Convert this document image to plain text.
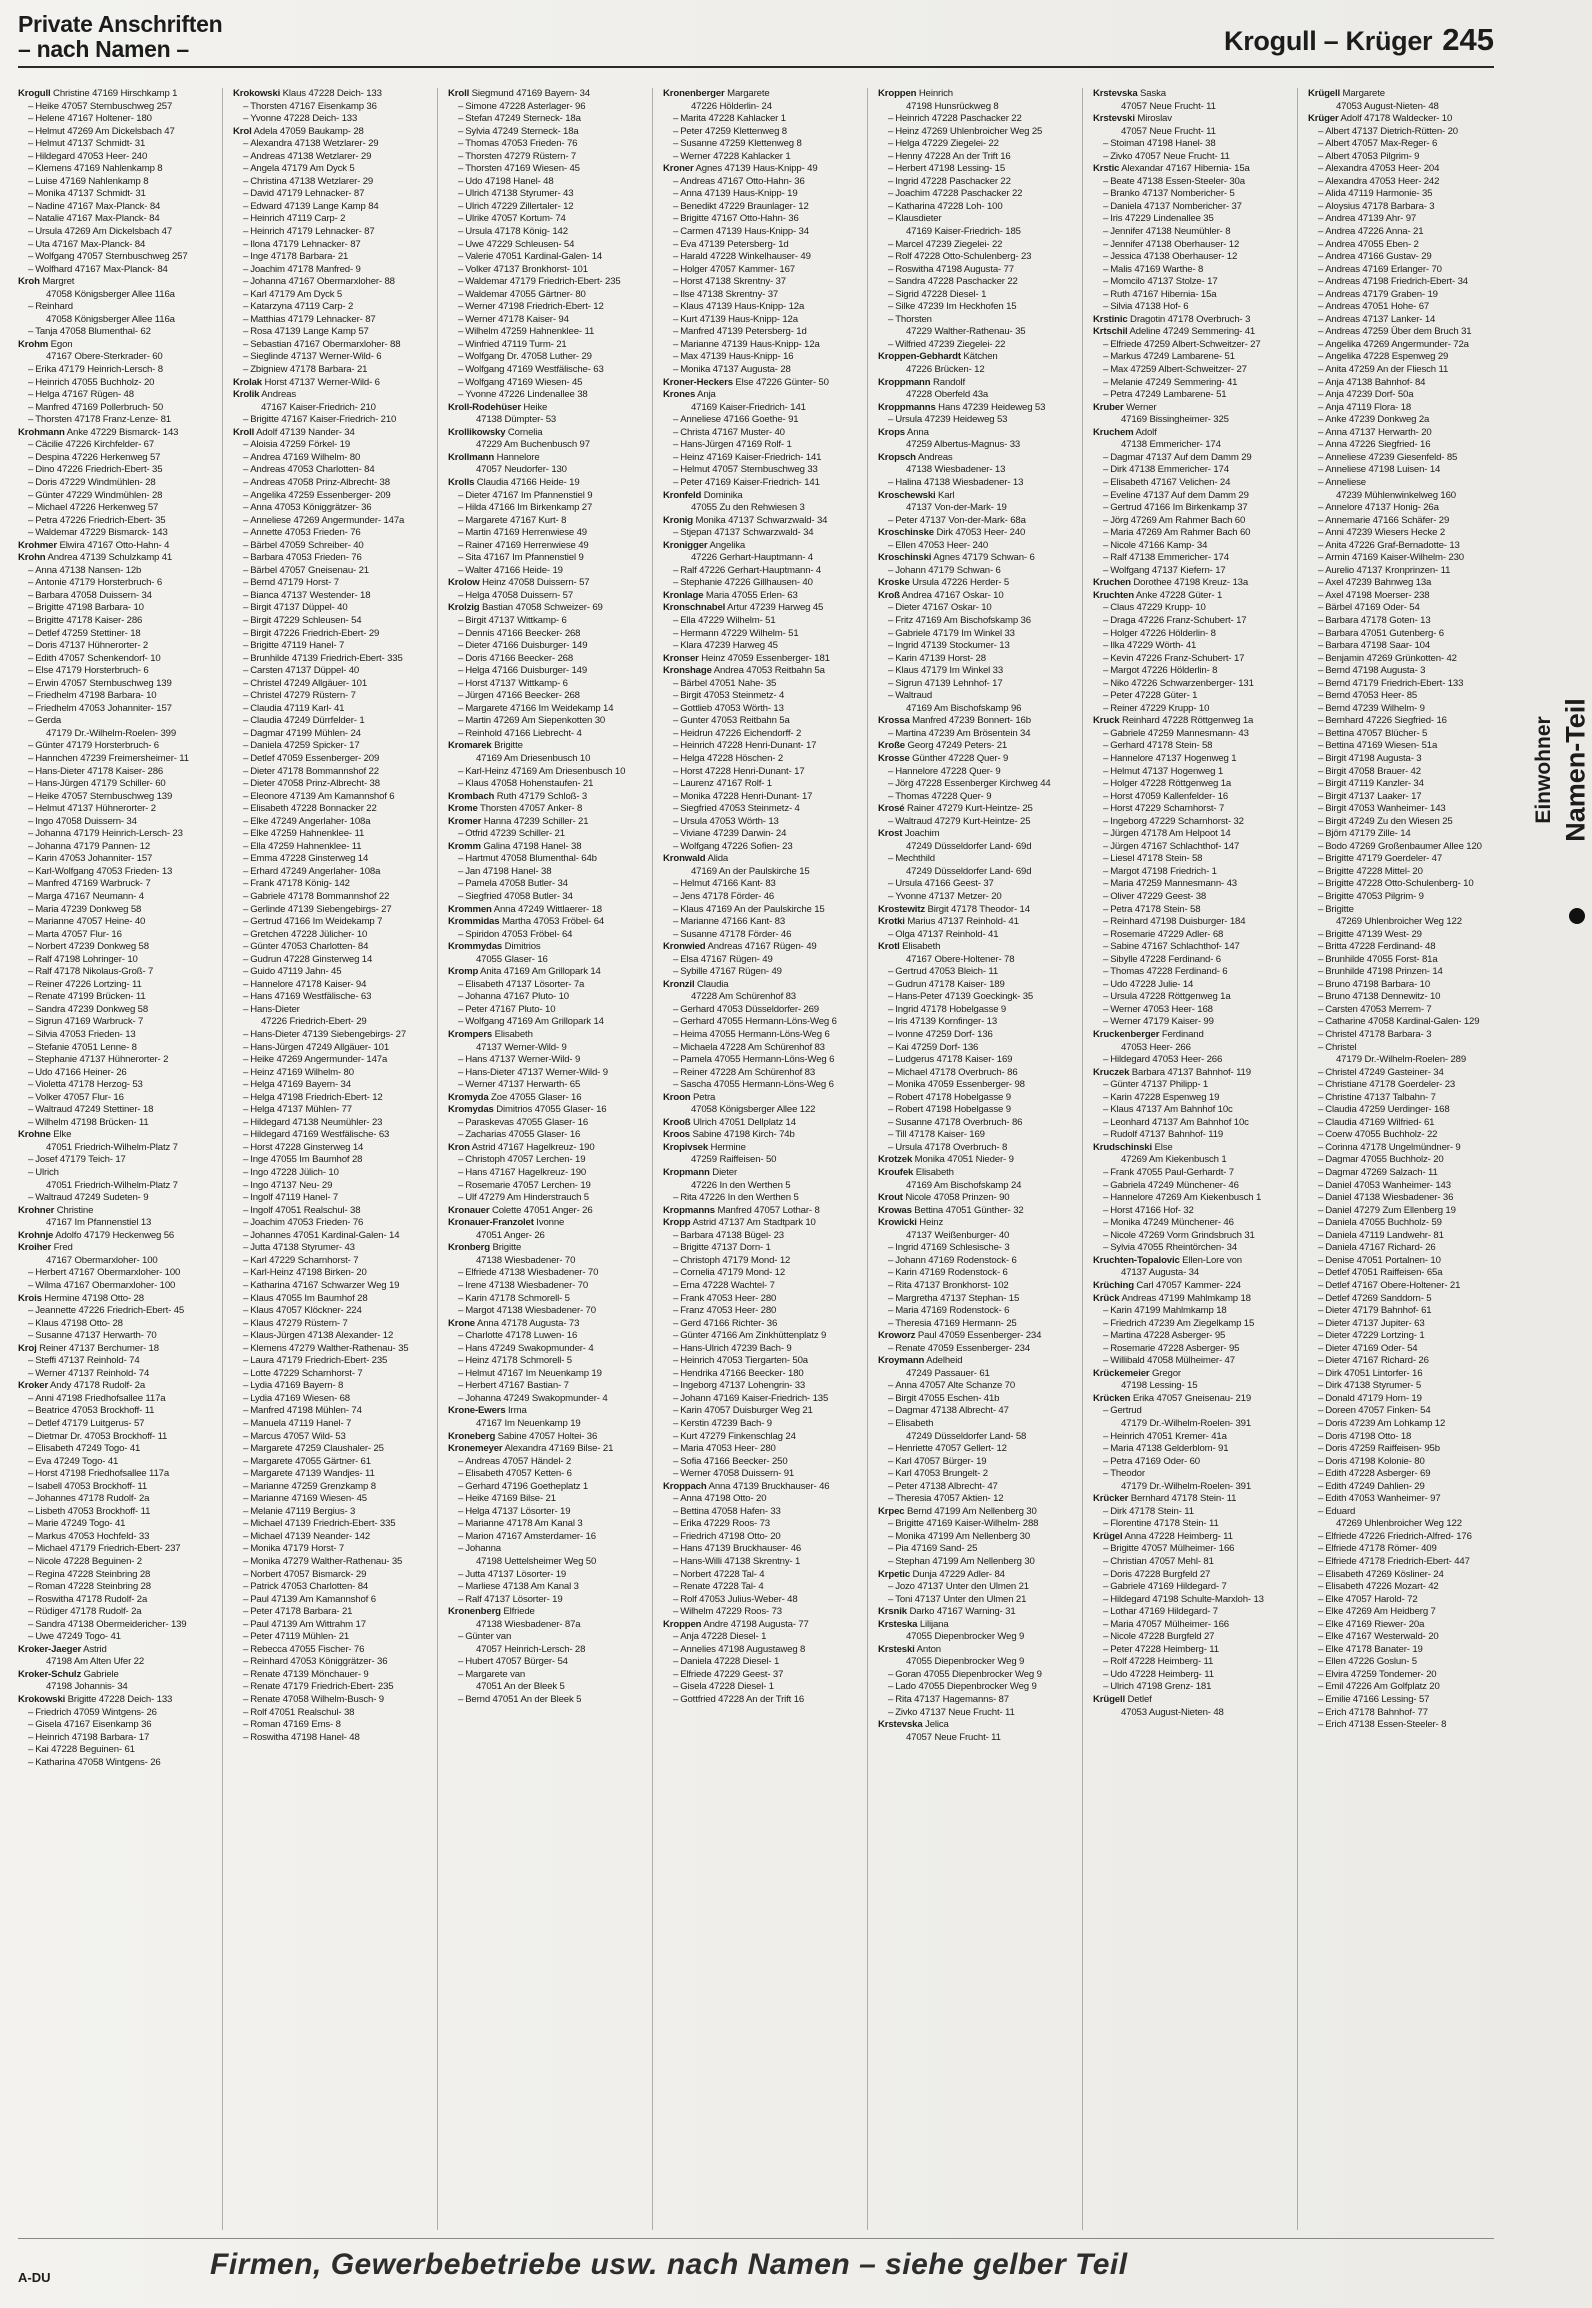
Private Anschriften
– nach Namen –	Krogull – Krüger 245
Krogull Christine 47169 Hirschkamp 1
– Heike 47057 Sternbuschweg 257
– Helene 47167 Holtener- 180
– Helmut 47269 Am Dickelsbach 47
– Helmut 47137 Schmidt- 31
– Hildegard 47053 Heer- 240
– Klemens 47169 Nahlenkamp 8
– Luise 47169 Nahlenkamp 8
– Monika 47137 Schmidt- 31
– Nadine 47167 Max-Planck- 84
– Natalie 47167 Max-Planck- 84
– Ursula 47269 Am Dickelsbach 47
– Uta 47167 Max-Planck- 84
– Wolfgang 47057 Sternbuschweg 257
– Wolfhard 47167 Max-Planck- 84
Kroh Margret
47058 Königsberger Allee 116a
– Reinhard
47058 Königsberger Allee 116a
– Tanja 47058 Blumenthal- 62
Krohm Egon
47167 Obere-Sterkrader- 60
– Erika 47179 Heinrich-Lersch- 8
– Heinrich 47055 Buchholz- 20
– Helga 47167 Rügen- 48
– Manfred 47169 Pollerbruch- 50
– Thorsten 47178 Franz-Lenze- 81
Krohmann Anke 47229 Bismarck- 143
– Cäcilie 47226 Kirchfelder- 67
– Despina 47226 Herkenweg 57
– Dino 47226 Friedrich-Ebert- 35
– Doris 47229 Windmühlen- 28
– Günter 47229 Windmühlen- 28
– Michael 47226 Herkenweg 57
– Petra 47226 Friedrich-Ebert- 35
– Waldemar 47229 Bismarck- 143
Krohmer Elwira 47167 Otto-Hahn- 4
Krohn Andrea 47139 Schulzkamp 41
– Anna 47138 Nansen- 12b
– Antonie 47179 Horsterbruch- 6
– Barbara 47058 Duissern- 34
– Brigitte 47198 Barbara- 10
– Brigitte 47178 Kaiser- 286
– Detlef 47259 Stettiner- 18
– Doris 47137 Hühnerorter- 2
– Edith 47057 Schenkendorf- 10
– Else 47179 Horsterbruch- 6
– Erwin 47057 Sternbuschweg 139
– Friedhelm 47198 Barbara- 10
– Friedhelm 47053 Johanniter- 157
– Gerda
47179 Dr.-Wilhelm-Roelen- 399
– Günter 47179 Horsterbruch- 6
– Hannchen 47239 Freimersheimer- 11
– Hans-Dieter 47178 Kaiser- 286
– Hans-Jürgen 47179 Schiller- 60
– Heike 47057 Sternbuschweg 139
– Helmut 47137 Hühnerorter- 2
– Ingo 47058 Duissern- 34
– Johanna 47179 Heinrich-Lersch- 23
– Johanna 47179 Pannen- 12
– Karin 47053 Johanniter- 157
– Karl-Wolfgang 47053 Frieden- 13
– Manfred 47169 Warbruck- 7
– Marga 47167 Neumann- 4
– Maria 47239 Donkweg 58
– Marianne 47057 Heine- 40
– Marta 47057 Flur- 16
– Norbert 47239 Donkweg 58
– Ralf 47198 Lohringer- 10
– Ralf 47178 Nikolaus-Groß- 7
– Reiner 47226 Lortzing- 11
– Renate 47199 Brücken- 11
– Sandra 47239 Donkweg 58
– Sigrun 47169 Warbruck- 7
– Silvia 47053 Frieden- 13
– Stefanie 47051 Lenne- 8
– Stephanie 47137 Hühnerorter- 2
– Udo 47166 Heiner- 26
– Violetta 47178 Herzog- 53
– Volker 47057 Flur- 16
– Waltraud 47249 Stettiner- 18
– Wilhelm 47198 Brücken- 11
Krohne Elke
47051 Friedrich-Wilhelm-Platz 7
– Josef 47179 Teich- 17
– Ulrich
47051 Friedrich-Wilhelm-Platz 7
– Waltraud 47249 Sudeten- 9
Krohner Christine
47167 Im Pfannenstiel 13
Krohnje Adolfo 47179 Heckenweg 56
Kroiher Fred
47167 Obermarxloher- 100
– Herbert 47167 Obermarxloher- 100
– Wilma 47167 Obermarxloher- 100
Krois Hermine 47198 Otto- 28
– Jeannette 47226 Friedrich-Ebert- 45
– Klaus 47198 Otto- 28
– Susanne 47137 Herwarth- 70
Kroj Reiner 47137 Berchumer- 18
– Steffi 47137 Reinhold- 74
– Werner 47137 Reinhold- 74
Kroker Andy 47178 Rudolf- 2a
– Anni 47198 Friedhofsallee 117a
– Beatrice 47053 Brockhoff- 11
– Detlef 47179 Luitgerus- 57
– Dietmar Dr. 47053 Brockhoff- 11
– Elisabeth 47249 Togo- 41
– Eva 47249 Togo- 41
– Horst 47198 Friedhofsallee 117a
– Isabell 47053 Brockhoff- 11
– Johannes 47178 Rudolf- 2a
– Lisbeth 47053 Brockhoff- 11
– Marie 47249 Togo- 41
– Markus 47053 Hochfeld- 33
– Michael 47179 Friedrich-Ebert- 237
– Nicole 47228 Beguinen- 2
– Regina 47228 Steinbring 28
– Roman 47228 Steinbring 28
– Roswitha 47178 Rudolf- 2a
– Rüdiger 47178 Rudolf- 2a
– Sandra 47138 Obermeidericher- 139
– Uwe 47249 Togo- 41
Kroker-Jaeger Astrid
47198 Am Alten Ufer 22
Kroker-Schulz Gabriele
47198 Johannis- 34
Krokowski Brigitte 47228 Deich- 133
– Friedrich 47059 Wintgens- 26
– Gisela 47167 Eisenkamp 36
– Heinrich 47198 Barbara- 17
– Kai 47228 Beguinen- 61
– Katharina 47058 Wintgens- 26
Krokowski Klaus 47228 Deich- 133
– Thorsten 47167 Eisenkamp 36
– Yvonne 47228 Deich- 133
Krol Adela 47059 Baukamp- 28
– Alexandra 47138 Wetzlarer- 29
– Andreas 47138 Wetzlarer- 29
– Angela 47179 Am Dyck 5
– Christina 47138 Wetzlarer- 29
– David 47179 Lehnacker- 87
– Edward 47139 Lange Kamp 84
– Heinrich 47119 Carp- 2
– Heinrich 47179 Lehnacker- 87
– Ilona 47179 Lehnacker- 87
– Inge 47178 Barbara- 21
– Joachim 47178 Manfred- 9
– Johanna 47167 Obermarxloher- 88
– Karl 47179 Am Dyck 5
– Katarzyna 47119 Carp- 2
– Matthias 47179 Lehnacker- 87
– Rosa 47139 Lange Kamp 57
– Sebastian 47167 Obermarxloher- 88
– Sieglinde 47137 Werner-Wild- 6
– Zbigniew 47178 Barbara- 21
Krolak Horst 47137 Werner-Wild- 6
Krolik Andreas
47167 Kaiser-Friedrich- 210
– Brigitte 47167 Kaiser-Friedrich- 210
Kroll Adolf 47139 Nander- 34
– Aloisia 47259 Förkel- 19
– Andrea 47169 Wilhelm- 80
– Andreas 47053 Charlotten- 84
– Andreas 47058 Prinz-Albrecht- 38
– Angelika 47259 Essenberger- 209
– Anna 47053 Königgrätzer- 36
– Anneliese 47269 Angermunder- 147a
– Annette 47053 Frieden- 76
– Bärbel 47059 Schreiber- 40
– Barbara 47053 Frieden- 76
– Bärbel 47057 Gneisenau- 21
– Bernd 47179 Horst- 7
– Bianca 47137 Westender- 18
– Birgit 47137 Düppel- 40
– Birgit 47229 Schleusen- 54
– Birgit 47226 Friedrich-Ebert- 29
– Brigitte 47119 Hanel- 7
– Brunhilde 47139 Friedrich-Ebert- 335
– Carsten 47137 Düppel- 40
– Christel 47249 Allgäuer- 101
– Christel 47279 Rüstern- 7
– Claudia 47119 Karl- 41
– Claudia 47249 Dürrfelder- 1
– Dagmar 47199 Mühlen- 24
– Daniela 47259 Spicker- 17
– Detlef 47059 Essenberger- 209
– Dieter 47178 Bommannshof 22
– Dieter 47058 Prinz-Albrecht- 38
– Eleonore 47139 Am Kamannshof 6
– Elisabeth 47228 Bonnacker 22
– Elke 47249 Angerlaher- 108a
– Elke 47259 Hahnenklee- 11
– Ella 47259 Hahnenklee- 11
– Emma 47228 Ginsterweg 14
– Erhard 47249 Angerlaher- 108a
– Frank 47178 König- 142
– Gabriele 47178 Bommannshof 22
– Gerlinde 47139 Siebengebirgs- 27
– Gertrud 47166 Im Weidekamp 7
– Gretchen 47228 Jülicher- 10
– Günter 47053 Charlotten- 84
– Gudrun 47228 Ginsterweg 14
– Guido 47119 Jahn- 45
– Hannelore 47178 Kaiser- 94
– Hans 47169 Westfälische- 63
– Hans-Dieter
47226 Friedrich-Ebert- 29
– Hans-Dieter 47139 Siebengebirgs- 27
– Hans-Jürgen 47249 Allgäuer- 101
– Heike 47269 Angermunder- 147a
– Heinz 47169 Wilhelm- 80
– Helga 47169 Bayern- 34
– Helga 47198 Friedrich-Ebert- 12
– Helga 47137 Mühlen- 77
– Hildegard 47138 Neumühler- 23
– Hildegard 47169 Westfälische- 63
– Horst 47228 Ginsterweg 14
– Inge 47055 Im Baumhof 28
– Ingo 47228 Jülich- 10
– Ingo 47137 Neu- 29
– Ingolf 47119 Hanel- 7
– Ingolf 47051 Realschul- 38
– Joachim 47053 Frieden- 76
– Johannes 47051 Kardinal-Galen- 14
– Jutta 47138 Styrumer- 43
– Karl 47229 Scharnhorst- 7
– Karl-Heinz 47198 Birken- 20
– Katharina 47167 Schwarzer Weg 19
– Klaus 47055 Im Baumhof 28
– Klaus 47057 Klöckner- 224
– Klaus 47279 Rüstern- 7
– Klaus-Jürgen 47138 Alexander- 12
– Klemens 47279 Walther-Rathenau- 35
– Laura 47179 Friedrich-Ebert- 235
– Lotte 47229 Scharnhorst- 7
– Lydia 47169 Bayern- 8
– Lydia 47169 Wiesen- 68
– Manfred 47198 Mühlen- 74
– Manuela 47119 Hanel- 7
– Marcus 47057 Wild- 53
– Margarete 47259 Claushaler- 25
– Margarete 47055 Gärtner- 61
– Margarete 47139 Wandjes- 11
– Marianne 47259 Grenzkamp 8
– Marianne 47169 Wiesen- 45
– Melanie 47119 Bergius- 3
– Michael 47139 Friedrich-Ebert- 335
– Michael 47139 Neander- 142
– Monika 47179 Horst- 7
– Monika 47279 Walther-Rathenau- 35
– Norbert 47057 Bismarck- 29
– Patrick 47053 Charlotten- 84
– Paul 47139 Am Kamannshof 6
– Peter 47178 Barbara- 21
– Paul 47139 Am Wittrahm 17
– Peter 47119 Mühlen- 21
– Rebecca 47055 Fischer- 76
– Reinhard 47053 Königgrätzer- 36
– Renate 47139 Mönchauer- 9
– Renate 47179 Friedrich-Ebert- 235
– Renate 47058 Wilhelm-Busch- 9
– Rolf 47051 Realschul- 38
– Roman 47169 Ems- 8
– Roswitha 47198 Hanel- 48
Kroll Siegmund 47169 Bayern- 34
– Simone 47228 Asterlager- 96
– Stefan 47249 Sterneck- 18a
– Sylvia 47249 Sterneck- 18a
– Thomas 47053 Frieden- 76
– Thorsten 47279 Rüstern- 7
– Thorsten 47169 Wiesen- 45
– Udo 47198 Hanel- 48
– Ulrich 47138 Styrumer- 43
– Ulrich 47229 Zillertaler- 12
– Ulrike 47057 Kortum- 74
– Ursula 47178 König- 142
– Uwe 47229 Schleusen- 54
– Valerie 47051 Kardinal-Galen- 14
– Volker 47137 Bronkhorst- 101
– Waldemar 47179 Friedrich-Ebert- 235
– Waldemar 47055 Gärtner- 80
– Werner 47198 Friedrich-Ebert- 12
– Werner 47178 Kaiser- 94
– Wilhelm 47259 Hahnenklee- 11
– Winfried 47119 Turm- 21
– Wolfgang Dr. 47058 Luther- 29
– Wolfgang 47169 Westfälische- 63
– Wolfgang 47169 Wiesen- 45
– Yvonne 47226 Lindenallee 38
Kroll-Rodehüser Heike
47138 Dümpter- 53
Krollikowsky Cornelia
47229 Am Buchenbusch 97
Krollmann Hannelore
47057 Neudorfer- 130
Krolls Claudia 47166 Heide- 19
– Dieter 47167 Im Pfannenstiel 9
– Hilda 47166 Im Birkenkamp 27
– Margarete 47167 Kurt- 8
– Martin 47169 Herrenwiese 49
– Rainer 47169 Herrenwiese 49
– Sita 47167 Im Pfannenstiel 9
– Walter 47166 Heide- 19
Krolow Heinz 47058 Duissern- 57
– Helga 47058 Duissern- 57
Krolzig Bastian 47058 Schweizer- 69
– Birgit 47137 Wittkamp- 6
– Dennis 47166 Beecker- 268
– Dieter 47166 Duisburger- 149
– Doris 47166 Beecker- 268
– Helga 47166 Duisburger- 149
– Horst 47137 Wittkamp- 6
– Jürgen 47166 Beecker- 268
– Margarete 47166 Im Weidekamp 14
– Martin 47269 Am Siepenkotten 30
– Reinhold 47166 Liebrecht- 4
Kromarek Brigitte
47169 Am Driesenbusch 10
– Karl-Heinz 47169 Am Driesenbusch 10
– Klaus 47058 Hohenstaufen- 21
Krombach Ruth 47179 Schloß- 3
Krome Thorsten 47057 Anker- 8
Kromer Hanna 47239 Schiller- 21
– Otfrid 47239 Schiller- 21
Kromm Galina 47198 Hanel- 38
– Hartmut 47058 Blumenthal- 64b
– Jan 47198 Hanel- 38
– Pamela 47058 Butler- 34
– Siegfried 47058 Butler- 34
Krommen Anna 47249 Wittlaerer- 18
Krommidas Martha 47053 Fröbel- 64
– Spiridon 47053 Fröbel- 64
Krommydas Dimitrios
47055 Glaser- 16
Kromp Anita 47169 Am Grillopark 14
– Elisabeth 47137 Lösorter- 7a
– Johanna 47167 Pluto- 10
– Peter 47167 Pluto- 10
– Wolfgang 47169 Am Grillopark 14
Krompers Elisabeth
47137 Werner-Wild- 9
– Hans 47137 Werner-Wild- 9
– Hans-Dieter 47137 Werner-Wild- 9
– Werner 47137 Herwarth- 65
Kromyda Zoe 47055 Glaser- 16
Kromydas Dimitrios 47055 Glaser- 16
– Paraskevas 47055 Glaser- 16
– Zacharias 47055 Glaser- 16
Kron Astrid 47167 Hagelkreuz- 190
– Christoph 47057 Lerchen- 19
– Hans 47167 Hagelkreuz- 190
– Rosemarie 47057 Lerchen- 19
– Ulf 47279 Am Hinderstrauch 5
Kronauer Colette 47051 Anger- 26
Kronauer-Franzolet Ivonne
47051 Anger- 26
Kronberg Brigitte
47138 Wiesbadener- 70
– Elfriede 47138 Wiesbadener- 70
– Irene 47138 Wiesbadener- 70
– Karin 47178 Schmorell- 5
– Margot 47138 Wiesbadener- 70
Krone Anna 47178 Augusta- 73
– Charlotte 47178 Luwen- 16
– Hans 47249 Swakopmunder- 4
– Heinz 47178 Schmorell- 5
– Helmut 47167 Im Neuenkamp 19
– Herbert 47167 Bastian- 7
– Johanna 47249 Swakopmunder- 4
Krone-Ewers Irma
47167 Im Neuenkamp 19
Kroneberg Sabine 47057 Holtei- 36
Kronemeyer Alexandra 47169 Bilse- 21
– Andreas 47057 Händel- 2
– Elisabeth 47057 Ketten- 6
– Gerhard 47196 Goetheplatz 1
– Heike 47169 Bilse- 21
– Helga 47137 Lösorter- 19
– Marianne 47178 Am Kanal 3
– Marion 47167 Amsterdamer- 16
– Johanna
47198 Uettelsheimer Weg 50
– Jutta 47137 Lösorter- 19
– Marliese 47138 Am Kanal 3
– Ralf 47137 Lösorter- 19
Kronenberg Elfriede
47138 Wiesbadener- 87a
– Günter van
47057 Heinrich-Lersch- 28
– Hubert 47057 Bürger- 54
– Margarete van
47051 An der Bleek 5
– Bernd 47051 An der Bleek 5
Kronenberger Margarete
47226 Hölderlin- 24
– Marita 47228 Kahlacker 1
– Peter 47259 Klettenweg 8
– Susanne 47259 Klettenweg 8
– Werner 47228 Kahlacker 1
Kroner Agnes 47139 Haus-Knipp- 49
– Andreas 47167 Otto-Hahn- 36
– Anna 47139 Haus-Knipp- 19
– Benedikt 47229 Braunlager- 12
– Brigitte 47167 Otto-Hahn- 36
– Carmen 47139 Haus-Knipp- 34
– Eva 47139 Petersberg- 1d
– Harald 47228 Winkelhauser- 49
– Holger 47057 Kammer- 167
– Horst 47138 Skrentny- 37
– Ilse 47138 Skrentny- 37
– Klaus 47139 Haus-Knipp- 12a
– Kurt 47139 Haus-Knipp- 12a
– Manfred 47139 Petersberg- 1d
– Marianne 47139 Haus-Knipp- 12a
– Max 47139 Haus-Knipp- 16
– Monika 47137 Augusta- 28
Kroner-Heckers Else 47226 Günter- 50
Krones Anja
47169 Kaiser-Friedrich- 141
– Anneliese 47166 Goethe- 91
– Christa 47167 Muster- 40
– Hans-Jürgen 47169 Rolf- 1
– Heinz 47169 Kaiser-Friedrich- 141
– Helmut 47057 Sternbuschweg 33
– Peter 47169 Kaiser-Friedrich- 141
Kronfeld Dominika
47055 Zu den Rehwiesen 3
Kronig Monika 47137 Schwarzwald- 34
– Stjepan 47137 Schwarzwald- 34
Kronigger Angelika
47226 Gerhart-Hauptmann- 4
– Ralf 47226 Gerhart-Hauptmann- 4
– Stephanie 47226 Gillhausen- 40
Kronlage Maria 47055 Erlen- 63
Kronschnabel Artur 47239 Harweg 45
– Ella 47229 Wilhelm- 51
– Hermann 47229 Wilhelm- 51
– Klara 47239 Harweg 45
Kronser Heinz 47059 Essenberger- 181
Kronshage Andrea 47053 Reitbahn 5a
– Bärbel 47051 Nahe- 35
– Birgit 47053 Steinmetz- 4
– Gottlieb 47053 Wörth- 13
– Gunter 47053 Reitbahn 5a
– Heidrun 47226 Eichendorff- 2
– Heinrich 47228 Henri-Dunant- 17
– Helga 47228 Höschen- 2
– Horst 47228 Henri-Dunant- 17
– Laurenz 47167 Rolf- 1
– Monika 47228 Henri-Dunant- 17
– Siegfried 47053 Steinmetz- 4
– Ursula 47053 Wörth- 13
– Viviane 47239 Darwin- 24
– Wolfgang 47226 Sofien- 23
Kronwald Alida
47169 An der Paulskirche 15
– Helmut 47166 Kant- 83
– Jens 47178 Förder- 46
– Klaus 47169 An der Paulskirche 15
– Marianne 47166 Kant- 83
– Susanne 47178 Förder- 46
Kronwied Andreas 47167 Rügen- 49
– Elsa 47167 Rügen- 49
– Sybille 47167 Rügen- 49
Kronzil Claudia
47228 Am Schürenhof 83
– Gerhard 47053 Düsseldorfer- 269
– Gerhard 47055 Hermann-Löns-Weg 6
– Heima 47055 Hermann-Löns-Weg 6
– Michaela 47228 Am Schürenhof 83
– Pamela 47055 Hermann-Löns-Weg 6
– Reiner 47228 Am Schürenhof 83
– Sascha 47055 Hermann-Löns-Weg 6
Kroon Petra
47058 Königsberger Allee 122
Krooß Ulrich 47051 Dellplatz 14
Kroos Sabine 47198 Kirch- 74b
Kropivsek Hermine
47259 Raiffeisen- 50
Kropmann Dieter
47226 In den Werthen 5
– Rita 47226 In den Werthen 5
Kropmanns Manfred 47057 Lothar- 8
Kropp Astrid 47137 Am Stadtpark 10
– Barbara 47138 Bügel- 23
– Brigitte 47137 Dorn- 1
– Christoph 47179 Mond- 12
– Cornelia 47179 Mond- 12
– Erna 47228 Wachtel- 7
– Frank 47053 Heer- 280
– Franz 47053 Heer- 280
– Gerd 47166 Richter- 36
– Günter 47166 Am Zinkhüttenplatz 9
– Hans-Ulrich 47239 Bach- 9
– Heinrich 47053 Tiergarten- 50a
– Hendrika 47166 Beecker- 180
– Ingeborg 47137 Lohengrin- 33
– Johann 47169 Kaiser-Friedrich- 135
– Karin 47057 Duisburger Weg 21
– Kerstin 47239 Bach- 9
– Kurt 47279 Finkenschlag 24
– Maria 47053 Heer- 280
– Sofia 47166 Beecker- 250
– Werner 47058 Duissern- 91
Kroppach Anna 47139 Bruckhauser- 46
– Anna 47198 Otto- 20
– Bettina 47058 Hafen- 33
– Erika 47229 Roos- 73
– Friedrich 47198 Otto- 20
– Hans 47139 Bruckhauser- 46
– Hans-Willi 47138 Skrentny- 1
– Norbert 47228 Tal- 4
– Renate 47228 Tal- 4
– Rolf 47053 Julius-Weber- 48
– Wilhelm 47229 Roos- 73
Kroppen Andre 47198 Augusta- 77
– Anja 47228 Diesel- 1
– Annelies 47198 Augustaweg 8
– Daniela 47228 Diesel- 1
– Elfriede 47229 Geest- 37
– Gisela 47228 Diesel- 1
– Gottfried 47228 An der Trift 16
Kroppen Heinrich
47198 Hunsrückweg 8
– Heinrich 47228 Paschacker 22
– Heinz 47269 Uhlenbroicher Weg 25
– Helga 47229 Ziegelei- 22
– Henny 47228 An der Trift 16
– Herbert 47198 Lessing- 15
– Ingrid 47228 Paschacker 22
– Joachim 47228 Paschacker 22
– Katharina 47228 Loh- 100
– Klausdieter
47169 Kaiser-Friedrich- 185
– Marcel 47239 Ziegelei- 22
– Rolf 47228 Otto-Schulenberg- 23
– Roswitha 47198 Augusta- 77
– Sandra 47228 Paschacker 22
– Sigrid 47228 Diesel- 1
– Silke 47239 Im Heckhofen 15
– Thorsten
47229 Walther-Rathenau- 35
– Wilfried 47239 Ziegelei- 22
Kroppen-Gebhardt Kätchen
47226 Brücken- 12
Kroppmann Randolf
47228 Oberfeld 43a
Kroppmanns Hans 47239 Heideweg 53
– Ursula 47239 Heideweg 53
Krops Anna
47259 Albertus-Magnus- 33
Kropsch Andreas
47138 Wiesbadener- 13
– Halina 47138 Wiesbadener- 13
Kroschewski Karl
47137 Von-der-Mark- 19
– Peter 47137 Von-der-Mark- 68a
Kroschinske Dirk 47053 Heer- 240
– Ellen 47053 Heer- 240
Kroschinski Agnes 47179 Schwan- 6
– Johann 47179 Schwan- 6
Kroske Ursula 47226 Herder- 5
Kroß Andrea 47167 Oskar- 10
– Dieter 47167 Oskar- 10
– Fritz 47169 Am Bischofskamp 36
– Gabriele 47179 Im Winkel 33
– Ingrid 47139 Stockumer- 13
– Karin 47139 Horst- 28
– Klaus 47179 Im Winkel 33
– Sigrun 47139 Lehnhof- 17
– Waltraud
47169 Am Bischofskamp 96
Krossa Manfred 47239 Bonnert- 16b
– Martina 47239 Am Brösentein 34
Kroße Georg 47249 Peters- 21
Krosse Günther 47228 Quer- 9
– Hannelore 47228 Quer- 9
– Jörg 47228 Essenberger Kirchweg 44
– Thomas 47228 Quer- 9
Krosé Rainer 47279 Kurt-Heintze- 25
– Waltraud 47279 Kurt-Heintze- 25
Krost Joachim
47249 Düsseldorfer Land- 69d
– Mechthild
47249 Düsseldorfer Land- 69d
– Ursula 47166 Geest- 37
– Yvonne 47137 Metzer- 20
Krostewitz Birgit 47178 Theodor- 14
Krotki Marius 47137 Reinhold- 41
– Olga 47137 Reinhold- 41
Krotl Elisabeth
47167 Obere-Holtener- 78
– Gertrud 47053 Bleich- 11
– Gudrun 47178 Kaiser- 189
– Hans-Peter 47139 Goeckingk- 35
– Ingrid 47178 Hobelgasse 9
– Iris 47139 Kornfinger- 13
– Ivonne 47259 Dorf- 136
– Kai 47259 Dorf- 136
– Ludgerus 47178 Kaiser- 169
– Michael 47178 Overbruch- 86
– Monika 47059 Essenberger- 98
– Robert 47178 Hobelgasse 9
– Robert 47198 Hobelgasse 9
– Susanne 47178 Overbruch- 86
– Till 47178 Kaiser- 169
– Ursula 47178 Overbruch- 8
Krotzek Monika 47051 Nieder- 9
Kroufek Elisabeth
47169 Am Bischofskamp 24
Krout Nicole 47058 Prinzen- 90
Krowas Bettina 47051 Günther- 32
Krowicki Heinz
47137 Weißenburger- 40
– Ingrid 47169 Schlesische- 3
– Johann 47169 Rodenstock- 6
– Karin 47169 Rodenstock- 6
– Rita 47137 Bronkhorst- 102
– Margretha 47137 Stephan- 15
– Maria 47169 Rodenstock- 6
– Theresia 47169 Hermann- 25
Kroworz Paul 47059 Essenberger- 234
– Renate 47059 Essenberger- 234
Kroymann Adelheid
47249 Passauer- 61
– Anna 47057 Alte Schanze 70
– Birgit 47055 Eschen- 41b
– Dagmar 47138 Albrecht- 47
– Elisabeth
47249 Düsseldorfer Land- 58
– Henriette 47057 Gellert- 12
– Karl 47057 Bürger- 19
– Karl 47053 Brungelt- 2
– Peter 47138 Albrecht- 47
– Theresia 47057 Aktien- 12
Krpec Bernd 47199 Am Nellenberg 30
– Brigitte 47169 Kaiser-Wilhelm- 288
– Monika 47199 Am Nellenberg 30
– Pia 47169 Sand- 25
– Stephan 47199 Am Nellenberg 30
Krpetic Dunja 47229 Adler- 84
– Jozo 47137 Unter den Ulmen 21
– Toni 47137 Unter den Ulmen 21
Krsnik Darko 47167 Warning- 31
Krsteska Lilijana
47055 Diepenbrocker Weg 9
Krsteski Anton
47055 Diepenbrocker Weg 9
– Goran 47055 Diepenbrocker Weg 9
– Lado 47055 Diepenbrocker Weg 9
– Rita 47137 Hagemanns- 87
– Zivko 47137 Neue Frucht- 11
Krstevska Jelica
47057 Neue Frucht- 11
Krstevska Saska
47057 Neue Frucht- 11
Krstevski Miroslav
47057 Neue Frucht- 11
– Stoiman 47198 Hanel- 38
– Zivko 47057 Neue Frucht- 11
Krstic Alexandar 47167 Hibernia- 15a
– Beate 47138 Essen-Steeler- 30a
– Branko 47137 Nombericher- 5
– Daniela 47137 Nombericher- 37
– Iris 47229 Lindenallee 35
– Jennifer 47138 Neumühler- 8
– Jennifer 47138 Oberhauser- 12
– Jessica 47138 Oberhauser- 12
– Malis 47169 Warthe- 8
– Momcilo 47137 Stolze- 17
– Ruth 47167 Hibernia- 15a
– Silvia 47138 Hof- 6
Krstinic Dragotin 47178 Overbruch- 3
Krtschil Adeline 47249 Semmering- 41
– Elfriede 47259 Albert-Schweitzer- 27
– Markus 47249 Lambarene- 51
– Max 47259 Albert-Schweitzer- 27
– Melanie 47249 Semmering- 41
– Petra 47249 Lambarene- 51
Kruber Werner
47169 Bissingheimer- 325
Kruchem Adolf
47138 Emmericher- 174
– Dagmar 47137 Auf dem Damm 29
– Dirk 47138 Emmericher- 174
– Elisabeth 47167 Velichen- 24
– Eveline 47137 Auf dem Damm 29
– Gertrud 47166 Im Birkenkamp 37
– Jörg 47269 Am Rahmer Bach 60
– Maria 47269 Am Rahmer Bach 60
– Nicole 47166 Kamp- 34
– Ralf 47138 Emmericher- 174
– Wolfgang 47137 Kiefern- 17
Kruchen Dorothee 47198 Kreuz- 13a
Kruchten Anke 47228 Güter- 1
– Claus 47229 Krupp- 10
– Draga 47226 Franz-Schubert- 17
– Holger 47226 Hölderlin- 8
– Ilka 47229 Wörth- 41
– Kevin 47226 Franz-Schubert- 17
– Margot 47226 Hölderlin- 8
– Niko 47226 Schwarzenberger- 131
– Peter 47228 Güter- 1
– Reiner 47229 Krupp- 10
Kruck Reinhard 47228 Röttgenweg 1a
– Gabriele 47259 Mannesmann- 43
– Gerhard 47178 Stein- 58
– Hannelore 47137 Hogenweg 1
– Helmut 47137 Hogenweg 1
– Holger 47228 Röttgenweg 1a
– Horst 47059 Kallenfelder- 16
– Horst 47229 Scharnhorst- 7
– Ingeborg 47229 Scharnhorst- 32
– Jürgen 47178 Am Helpoot 14
– Jürgen 47167 Schlachthof- 147
– Liesel 47178 Stein- 58
– Margot 47198 Friedrich- 1
– Maria 47259 Mannesmann- 43
– Oliver 47229 Geest- 38
– Petra 47178 Stein- 58
– Reinhard 47198 Duisburger- 184
– Rosemarie 47229 Adler- 68
– Sabine 47167 Schlachthof- 147
– Sibylle 47228 Ferdinand- 6
– Thomas 47228 Ferdinand- 6
– Udo 47228 Julie- 14
– Ursula 47228 Röttgenweg 1a
– Werner 47053 Heer- 168
– Werner 47179 Kaiser- 99
Kruckenberger Ferdinand
47053 Heer- 266
– Hildegard 47053 Heer- 266
Kruczek Barbara 47137 Bahnhof- 119
– Günter 47137 Philipp- 1
– Karin 47228 Espenweg 19
– Klaus 47137 Am Bahnhof 10c
– Leonhard 47137 Am Bahnhof 10c
– Rudolf 47137 Bahnhof- 119
Krudschinski Else
47269 Am Kiekenbusch 1
– Frank 47055 Paul-Gerhardt- 7
– Gabriela 47249 Münchener- 46
– Hannelore 47269 Am Kiekenbusch 1
– Horst 47166 Hof- 32
– Monika 47249 Münchener- 46
– Nicole 47269 Vorm Grindsbruch 31
– Sylvia 47055 Rheintörchen- 34
Kruchten-Topalovic Ellen-Lore von
47137 Augusta- 34
Krüching Carl 47057 Kammer- 224
Krück Andreas 47199 Mahlmkamp 18
– Karin 47199 Mahlmkamp 18
– Friedrich 47239 Am Ziegelkamp 15
– Martina 47228 Asberger- 95
– Rosemarie 47228 Asberger- 95
– Willibald 47058 Mülheimer- 47
Krückemeier Gregor
47198 Lessing- 15
Krücken Erika 47057 Gneisenau- 219
– Gertrud
47179 Dr.-Wilhelm-Roelen- 391
– Heinrich 47051 Kremer- 41a
– Maria 47138 Gelderblom- 91
– Petra 47169 Oder- 60
– Theodor
47179 Dr.-Wilhelm-Roelen- 391
Krücker Bernhard 47178 Stein- 11
– Dirk 47178 Stein- 11
– Florentine 47178 Stein- 11
Krügel Anna 47228 Heimberg- 11
– Brigitte 47057 Mülheimer- 166
– Christian 47057 Mehl- 81
– Doris 47228 Burgfeld 27
– Gabriele 47169 Hildegard- 7
– Hildegard 47198 Schulte-Marxloh- 13
– Lothar 47169 Hildegard- 7
– Maria 47057 Mülheimer- 166
– Nicole 47228 Burgfeld 27
– Peter 47228 Heimberg- 11
– Rolf 47228 Heimberg- 11
– Udo 47228 Heimberg- 11
– Ulrich 47198 Grenz- 181
Krügell Detlef
47053 August-Nieten- 48
Krügell Margarete
47053 August-Nieten- 48
Krüger Adolf 47178 Waldecker- 10
– Albert 47137 Dietrich-Rütten- 20
– Albert 47057 Max-Reger- 6
– Albert 47053 Pilgrim- 9
– Alexandra 47053 Heer- 204
– Alexandra 47053 Heer- 242
– Alida 47119 Harmonie- 35
– Aloysius 47178 Barbara- 3
– Andrea 47139 Ahr- 97
– Andrea 47226 Anna- 21
– Andrea 47055 Eben- 2
– Andrea 47166 Gustav- 29
– Andreas 47169 Erlanger- 70
– Andreas 47198 Friedrich-Ebert- 34
– Andreas 47179 Graben- 19
– Andreas 47051 Hohe- 67
– Andreas 47137 Lanker- 14
– Andreas 47259 Über dem Bruch 31
– Angelika 47269 Angermunder- 72a
– Angelika 47228 Espenweg 29
– Anita 47259 An der Fliesch 11
– Anja 47138 Bahnhof- 84
– Anja 47239 Dorf- 50a
– Anja 47119 Flora- 18
– Anke 47239 Donkweg 2a
– Anna 47137 Herwarth- 20
– Anna 47226 Siegfried- 16
– Anneliese 47239 Giesenfeld- 85
– Anneliese 47198 Luisen- 14
– Anneliese
47239 Mühlenwinkelweg 160
– Annelore 47137 Honig- 26a
– Annemarie 47166 Schäfer- 29
– Anni 47239 Wiesers Hecke 2
– Anita 47226 Graf-Bernadotte- 13
– Armin 47169 Kaiser-Wilhelm- 230
– Aurelio 47137 Kronprinzen- 11
– Axel 47239 Bahnweg 13a
– Axel 47198 Moerser- 238
– Bärbel 47169 Oder- 54
– Barbara 47178 Goten- 13
– Barbara 47051 Gutenberg- 6
– Barbara 47198 Saar- 104
– Benjamin 47269 Grünkotten- 42
– Bernd 47198 Augusta- 3
– Bernd 47179 Friedrich-Ebert- 133
– Bernd 47053 Heer- 85
– Bernd 47239 Wilhelm- 9
– Bernhard 47226 Siegfried- 16
– Bettina 47057 Blücher- 5
– Bettina 47169 Wiesen- 51a
– Birgit 47198 Augusta- 3
– Birgit 47058 Brauer- 42
– Birgit 47119 Kanzler- 34
– Birgit 47137 Laaker- 17
– Birgit 47053 Wanheimer- 143
– Birgit 47249 Zu den Wiesen 25
– Björn 47179 Zille- 14
– Bodo 47269 Großenbaumer Allee 120
– Brigitte 47179 Goerdeler- 47
– Brigitte 47228 Mittel- 20
– Brigitte 47228 Otto-Schulenberg- 10
– Brigitte 47053 Pilgrim- 9
– Brigitte
47269 Uhlenbroicher Weg 122
– Brigitte 47139 West- 29
– Britta 47228 Ferdinand- 48
– Brunhilde 47055 Forst- 81a
– Brunhilde 47198 Prinzen- 14
– Bruno 47198 Barbara- 10
– Bruno 47138 Dennewitz- 10
– Carsten 47053 Merrem- 7
– Catharine 47058 Kardinal-Galen- 129
– Christel 47178 Barbara- 3
– Christel
47179 Dr.-Wilhelm-Roelen- 289
– Christel 47249 Gasteiner- 34
– Christiane 47178 Goerdeler- 23
– Christine 47137 Talbahn- 7
– Claudia 47259 Uerdinger- 168
– Claudia 47169 Wilfried- 61
– Coerw 47055 Buchholz- 22
– Corinna 47178 Ungelmündner- 9
– Dagmar 47055 Buchholz- 20
– Dagmar 47269 Salzach- 11
– Daniel 47053 Wanheimer- 143
– Daniel 47138 Wiesbadener- 36
– Daniel 47279 Zum Ellenberg 19
– Daniela 47055 Buchholz- 59
– Daniela 47119 Landwehr- 81
– Daniela 47167 Richard- 26
– Denise 47051 Portalnen- 10
– Detlef 47051 Raiffeisen- 65a
– Detlef 47167 Obere-Holtener- 21
– Detlef 47269 Sanddorn- 5
– Dieter 47179 Bahnhof- 61
– Dieter 47137 Jupiter- 63
– Dieter 47229 Lortzing- 1
– Dieter 47169 Oder- 54
– Dieter 47167 Richard- 26
– Dirk 47051 Lintorfer- 16
– Dirk 47138 Styrumer- 5
– Donald 47179 Horn- 19
– Doreen 47057 Finken- 54
– Doris 47239 Am Lohkamp 12
– Doris 47198 Otto- 18
– Doris 47259 Raiffeisen- 95b
– Doris 47198 Kolonie- 80
– Edith 47228 Asberger- 69
– Edith 47249 Dahlien- 29
– Edith 47053 Wanheimer- 97
– Eduard
47269 Uhlenbroicher Weg 122
– Elfriede 47226 Friedrich-Alfred- 176
– Elfriede 47178 Römer- 409
– Elfriede 47178 Friedrich-Ebert- 447
– Elisabeth 47269 Kösliner- 24
– Elisabeth 47226 Mozart- 42
– Elke 47057 Harold- 72
– Elke 47269 Am Heidberg 7
– Elke 47169 Riewer- 20a
– Elke 47167 Westerwald- 20
– Elke 47178 Banater- 19
– Ellen 47226 Goslun- 5
– Elvira 47259 Tondemer- 20
– Emil 47226 Am Golfplatz 20
– Emilie 47166 Lessing- 57
– Erich 47178 Bahnhof- 77
– Erich 47138 Essen-Steeler- 8
Einwohner Namen-Teil
A-DU	Firmen, Gewerbebetriebe usw. nach Namen – siehe gelber Teil
